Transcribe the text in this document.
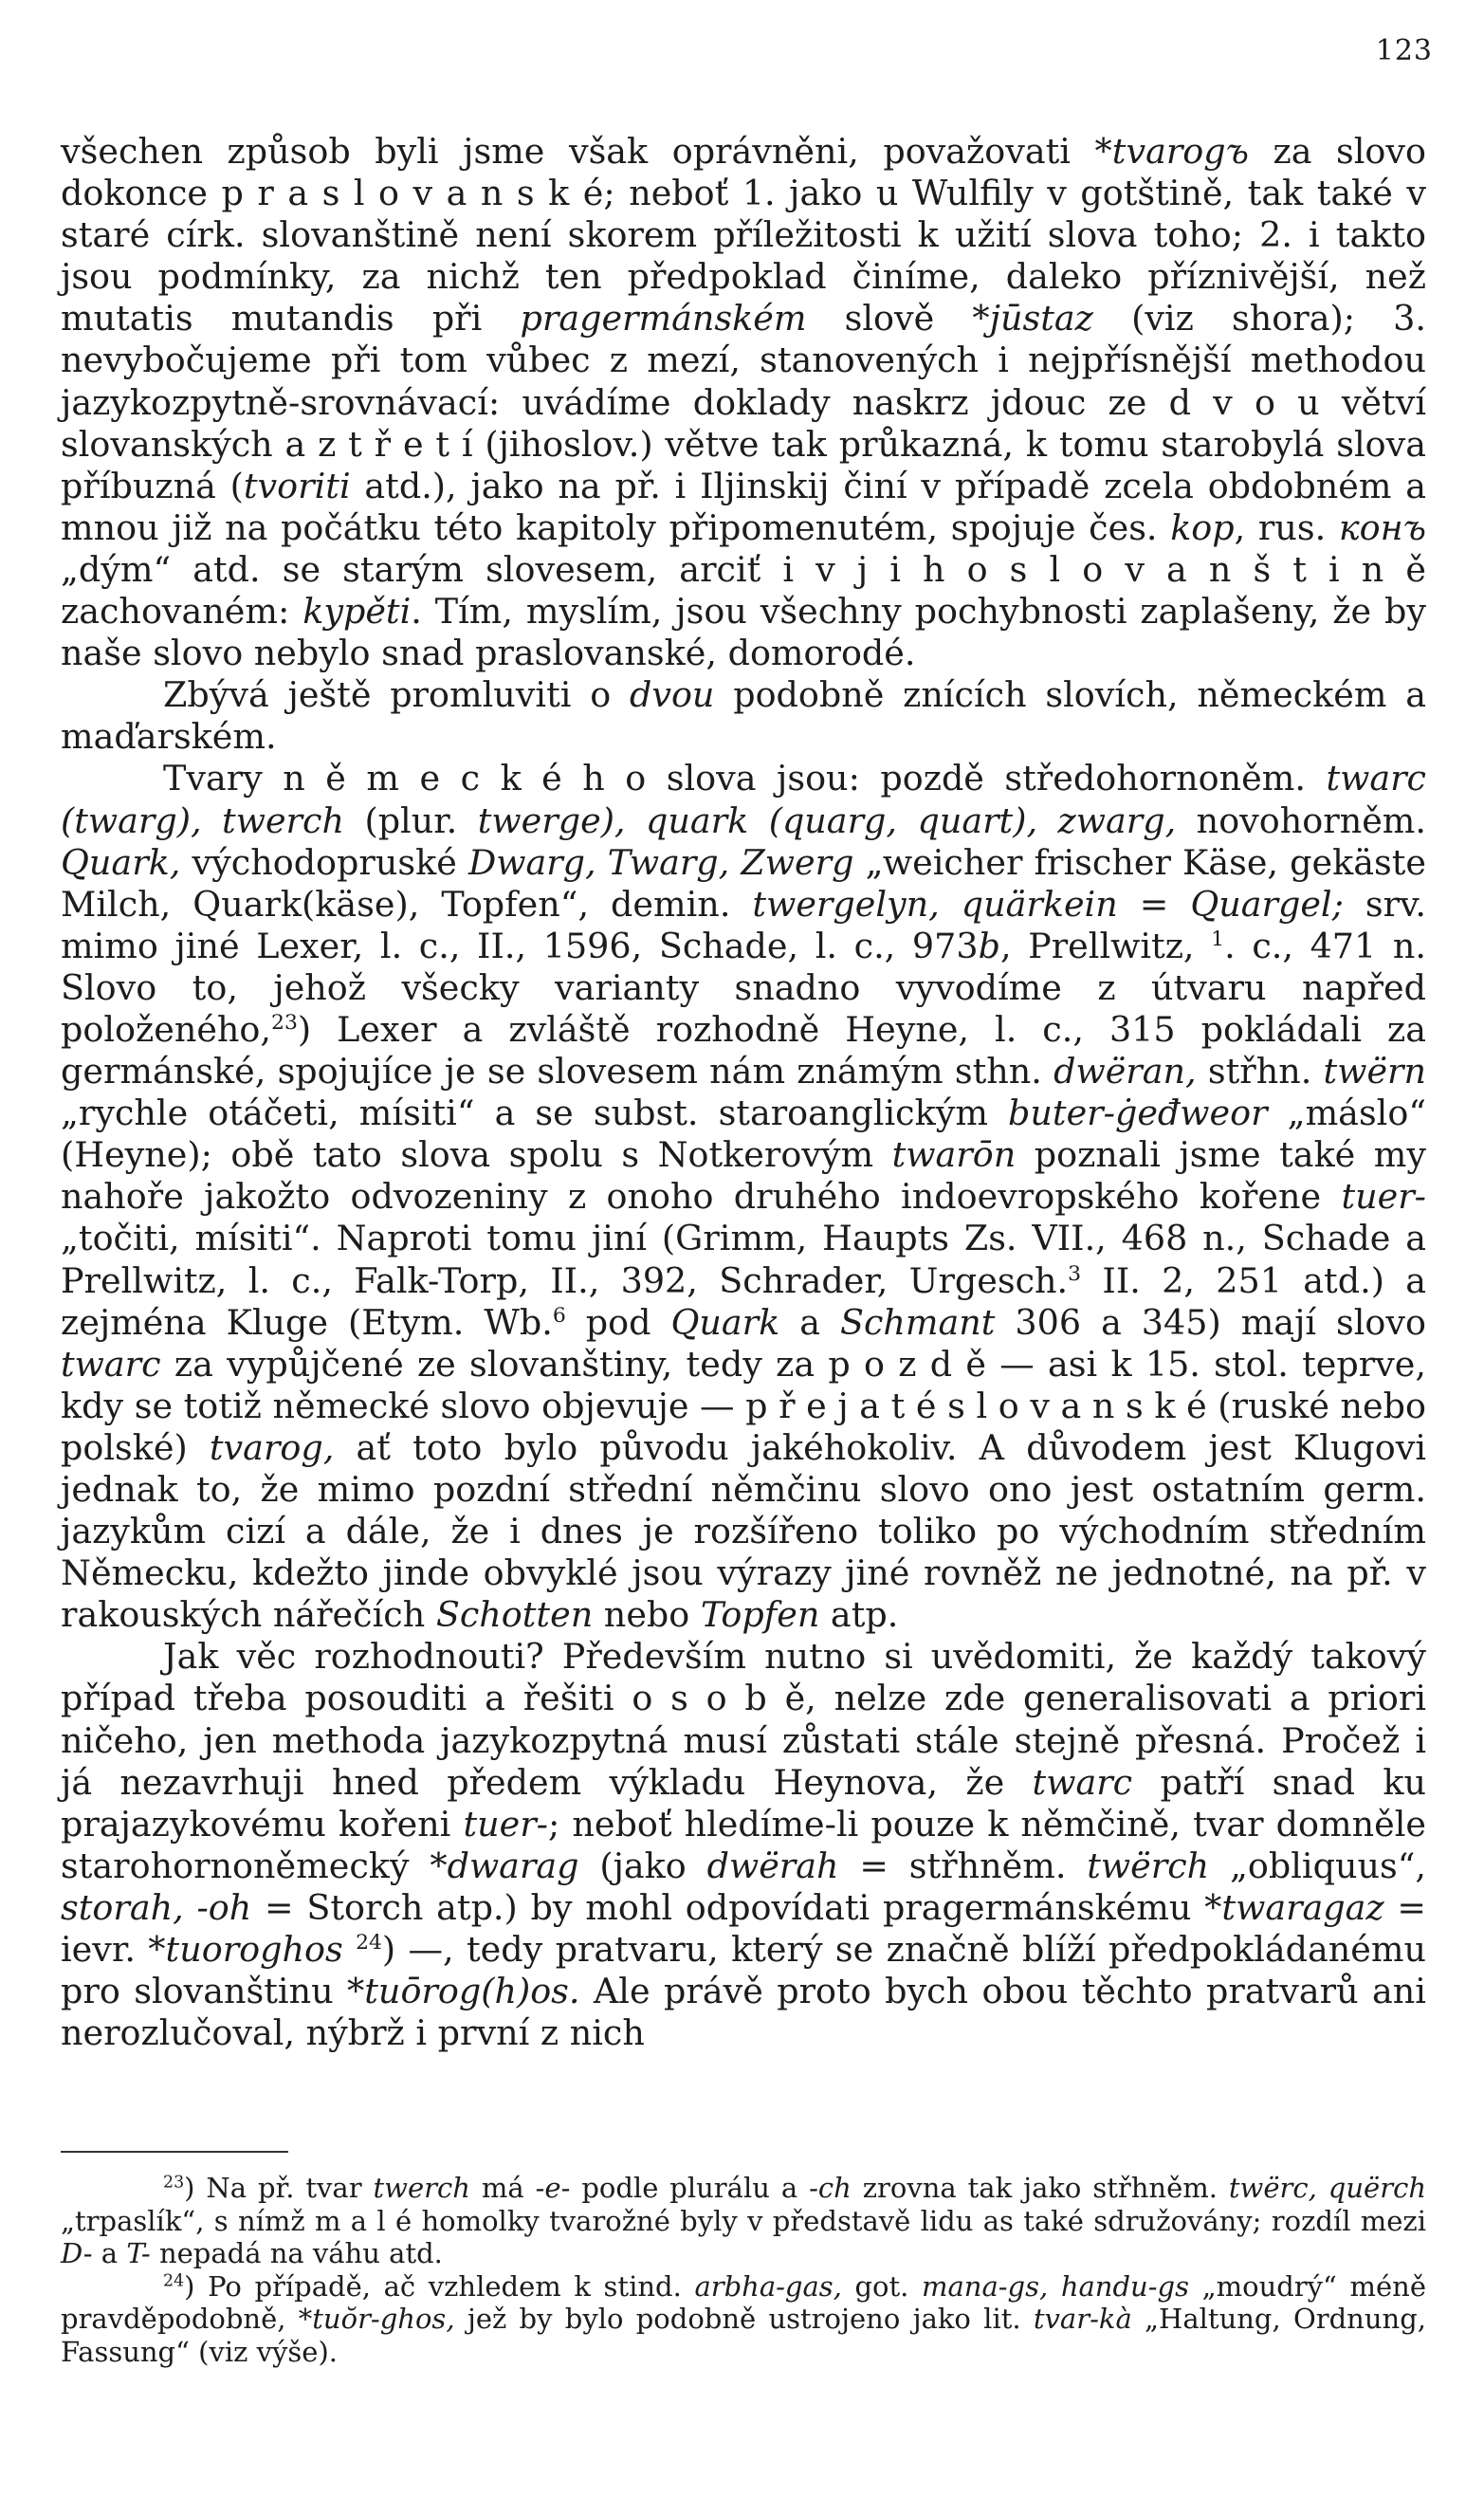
123

všechen způsob byli jsme však oprávněni, považovati *tvarogъ za slovo dokonce p r a s l o v a n s k é; neboť 1. jako u Wulfily v gotštině, tak také v staré círk. slovanštině není skorem příležitosti k užití slova toho; 2. i takto jsou podmínky, za nichž ten předpoklad činíme, daleko příznivější, než mutatis mutandis při pragermánském slově *jūstaz (viz shora); 3. nevybočujeme při tom vůbec z mezí, stanovených i nejpřísnější methodou jazykozpytně-srovnávací: uvádíme doklady naskrz jdouc ze d v o u větví slovanských a z t ř e t í (jihoslov.) větve tak průkazná, k tomu starobylá slova příbuzná (tvoriti atd.), jako na př. i Iljinskij činí v případě zcela obdobném a mnou již na počátku této kapitoly připomenutém, spojuje čes. kop, rus. конъ „dým“ atd. se starým slovesem, arciť i v j i h o s l o v a n š t i n ě zachovaném: kypěti. Tím, myslím, jsou všechny pochybnosti zaplašeny, že by naše slovo nebylo snad praslovanské, domorodé.

Zbývá ještě promluviti o dvou podobně znících slovích, německém a maďarském.

Tvary n ě m e c k é h o slova jsou: pozdě středohornoněm. twarc (twarg), twerch (plur. twerge), quark (quarg, quart), zwarg, novohorněm. Quark, východopruské Dwarg, Twarg, Zwerg „weicher frischer Käse, gekäste Milch, Quark(käse), Topfen“, demin. twergelyn, quärkein = Quargel; srv. mimo jiné Lexer, l. c., II., 1596, Schade, l. c., 973b, Prellwitz, $^1$. c., 471 n. Slovo to, jehož všecky varianty snadno vyvodíme z útvaru napřed položeného,$^{23}$) Lexer a zvláště rozhodně Heyne, l. c., 315 pokládali za germánské, spojujíce je se slovesem nám známým sthn. dwëran, střhn. twërn „rychle otáčeti, mísiti“ a se subst. staroanglickým buter-ġeđweor „máslo“ (Heyne); obě tato slova spolu s Notkerovým twarōn poznali jsme také my nahoře jakožto odvozeniny z onoho druhého indoevropského kořene tuer- „točiti, mísiti“. Naproti tomu jiní (Grimm, Haupts Zs. VII., 468 n., Schade a Prellwitz, l. c., Falk-Torp, II., 392, Schrader, Urgesch.$^3$ II. 2, 251 atd.) a zejména Kluge (Etym. Wb.$^6$ pod Quark a Schmant 306 a 345) mají slovo twarc za vypůjčené ze slovanštiny, tedy za p o z d ě — asi k 15. stol. teprve, kdy se totiž německé slovo objevuje — p ř e j a t é s l o v a n s k é (ruské nebo polské) tvarog, ať toto bylo původu jakéhokoliv. A důvodem jest Klugovi jednak to, že mimo pozdní střední němčinu slovo ono jest ostatním germ. jazykům cizí a dále, že i dnes je rozšířeno toliko po východním středním Německu, kdežto jinde obvyklé jsou výrazy jiné rovněž ne jednotné, na př. v rakouských nářečích Schotten nebo Topfen atp.

Jak věc rozhodnouti? Především nutno si uvědomiti, že každý takový případ třeba posouditi a řešiti o s o b ě, nelze zde generalisovati a priori ničeho, jen methoda jazykozpytná musí zůstati stále stejně přesná. Pročež i já nezavrhuji hned předem výkladu Heynova, že twarc patří snad ku prajazykovému kořeni tuer-; neboť hledíme-li pouze k němčině, tvar domněle starohornoněmecký *dwarag (jako dwërah = střhněm. twërch „obliquus“, storah, -oh = Storch atp.) by mohl odpovídati pragermánskému *twaragaz = ievr. *tuoroghos $^{24}$) —, tedy pratvaru, který se značně blíží předpokládanému pro slovanštinu *tuōrog(h)os. Ale právě proto bych obou těchto pratvarů ani nerozlučoval, nýbrž i první z nich

$^{23}$) Na př. tvar twerch má -e- podle plurálu a -ch zrovna tak jako střhněm. twërc, quërch „trpaslík“, s nímž m a l é homolky tvarožné byly v představě lidu as také sdružovány; rozdíl mezi D- a T- nepadá na váhu atd.

$^{24}$) Po případě, ač vzhledem k stind. arbha-gas, got. mana-gs, handu-gs „moudrý“ méně pravděpodobně, *tuŏr-ghos, jež by bylo podobně ustrojeno jako lit. tvar-kà „Haltung, Ordnung, Fassung“ (viz výše).
